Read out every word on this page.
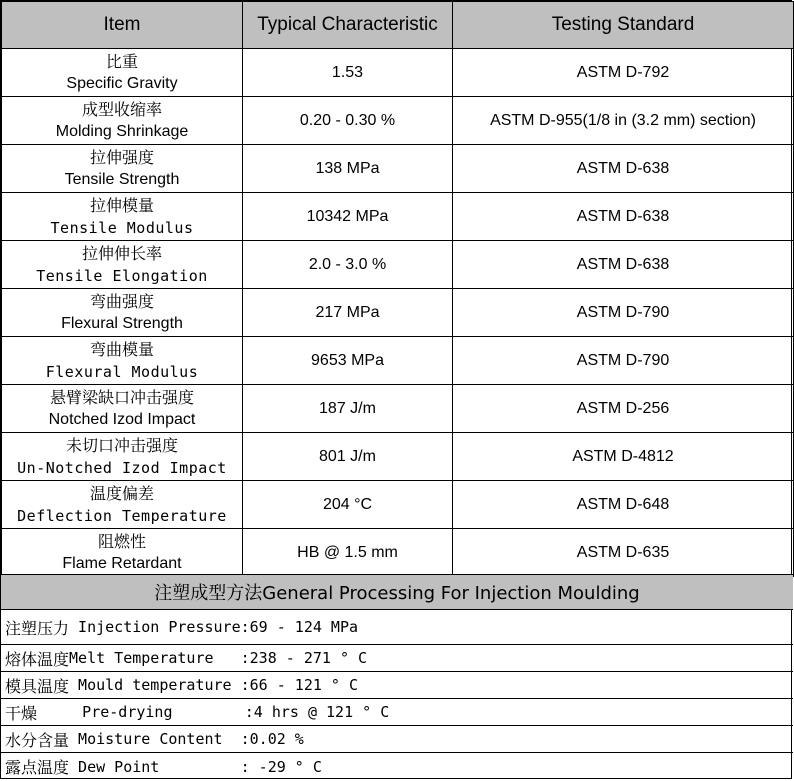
Item	Typical Characteristic	Testing Standard

比重
Specific Gravity	1.53	ASTM D-792

成型收缩率
Molding Shrinkage	0.20 - 0.30 %	ASTM D-955(1/8 in (3.2 mm) section)

拉伸强度
Tensile Strength	138 MPa	ASTM D-638

拉伸模量
Tensile Modulus	10342 MPa	ASTM D-638

拉伸伸长率
Tensile Elongation	2.0 - 3.0 %	ASTM D-638

弯曲强度
Flexural Strength	217 MPa	ASTM D-790

弯曲模量
Flexural Modulus	9653 MPa	ASTM D-790

悬臂梁缺口冲击强度
Notched Izod Impact	187 J/m	ASTM D-256

未切口冲击强度
Un-Notched Izod Impact	801 J/m	ASTM D-4812

温度偏差
Deflection Temperature	204 °C	ASTM D-648

阻燃性
Flame Retardant	HB @ 1.5 mm	ASTM D-635
注塑成型方法General Processing For Injection Moulding
注塑压力 Injection Pressure :69 - 124 MPa
熔体温度 Melt Temperature :238 - 271 ° C
模具温度 Mould temperature :66 - 121 ° C
干燥 Pre-drying :4 hrs @ 121 ° C
水分含量 Moisture Content :0.02 %
露点温度 Dew Point : -29 ° C
